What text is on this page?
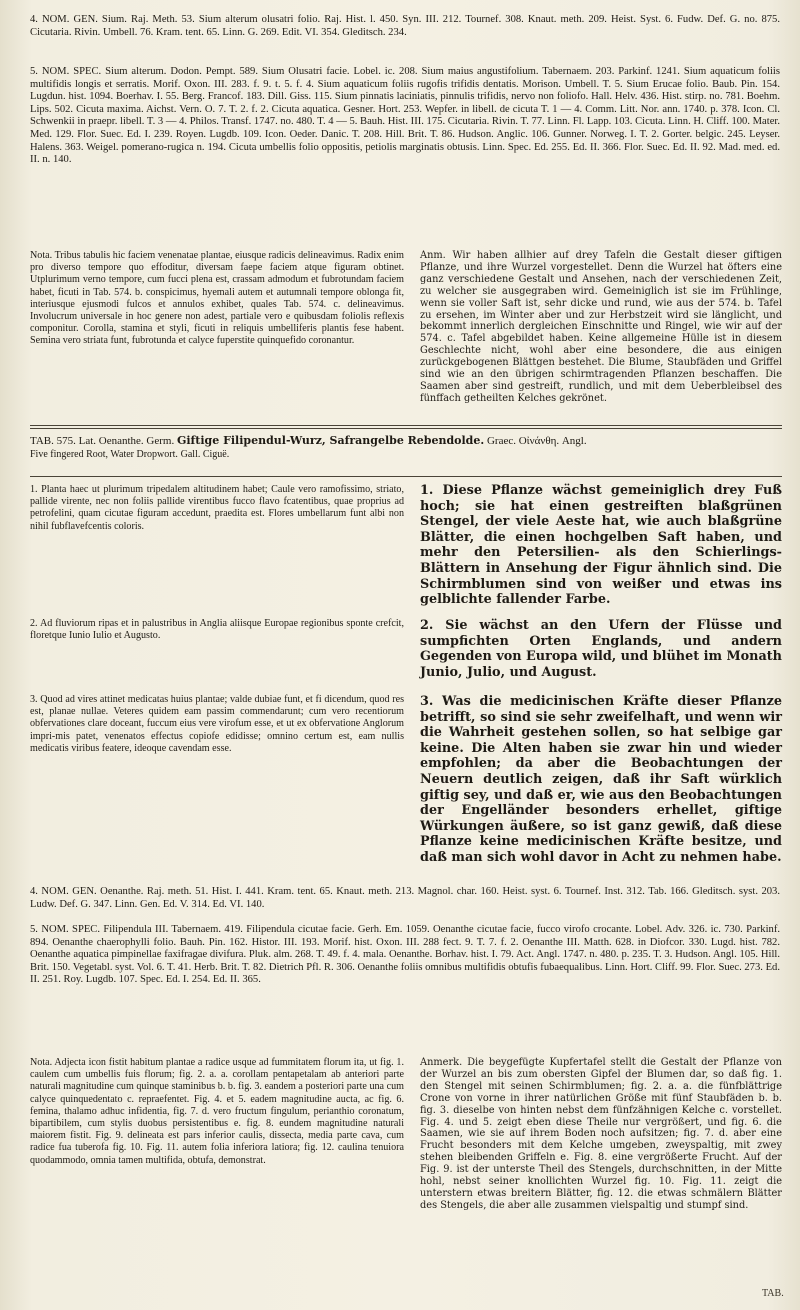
4. NOM. GEN. Sium. Raj. Meth. 53. Sium alterum olusatri folio. Raj. Hist. l. 450. Syn. III. 212. Tournef. 308. Knaut. meth. 209. Heist. Syst. 6. Fudw. Def. G. no. 875. Cicutaria. Rivin. Umbell. 76. Kram. tent. 65. Linn. G. 269. Edit. VI. 354. Gleditsch. 234.

5. NOM. SPEC. Sium alterum. Dodon. Pempt. 589. Sium Olusatri facie. Lobel. ic. 208. Sium maius angustifolium. Tabernaem. 203. Parkinf. 1241. Sium aquaticum foliis multifidis longis et serratis. Morif. Oxon. III. 283. f. 9. t. 5. f. 4. Sium aquaticum foliis rugofis trifidis dentatis. Morison. Umbell. T. 5. Sium Erucae folio. Baub. Pin. 154. Lugdun. hist. 1094. Boerhav. I. 55. Berg. Francof. 183. Dill. Giss. 115. Sium pinnatis laciniatis, pinnulis trifidis, nervo non foliofo. Hall. Helv. 436. Hist. stirp. no. 781. Boehm. Lips. 502. Cicuta maxima. Aichst. Vern. O. 7. T. 2. f. 2. Cicuta aquatica. Gesner. Hort. 253. Wepfer. in libell. de cicuta T. 1 — 4. Comm. Litt. Nor. ann. 1740. p. 378. Icon. Cl. Schwenkii in praepr. libell. T. 3 — 4. Philos. Transf. 1747. no. 480. T. 4 — 5. Bauh. Hist. III. 175. Cicutaria. Rivin. T. 77. Linn. Fl. Lapp. 103. Cicuta. Linn. H. Cliff. 100. Mater. Med. 129. Flor. Suec. Ed. I. 239. Royen. Lugdb. 109. Icon. Oeder. Danic. T. 208. Hill. Brit. T. 86. Hudson. Anglic. 106. Gunner. Norweg. I. T. 2. Gorter. belgic. 245. Leyser. Halens. 363. Weigel. pomerano-rugica n. 194. Cicuta umbellis folio oppositis, petiolis marginatis obtusis. Linn. Spec. Ed. 255. Ed. II. 366. Flor. Suec. Ed. II. 92. Mad. med. ed. II. n. 140.

Nota. Tribus tabulis hic faciem venenatae plantae, eiusque radicis delineavimus. Radix enim pro diverso tempore quo effoditur, diversam faepe faciem atque figuram obtinet. Utplurimum verno tempore, cum fucci plena est, crassam admodum et fubrotundam faciem habet, ficuti in Tab. 574. b. conspicimus, hyemali autem et autumnali tempore oblonga fit, interiusque ejusmodi fulcos et annulos exhibet, quales Tab. 574. c. delineavimus. Involucrum universale in hoc genere non adest, partiale vero e quibusdam foliolis reflexis componitur. Corolla, stamina et styli, ficuti in reliquis umbelliferis plantis fese habent. Semina vero striata funt, fubrotunda et calyce fuperstite quinquefido coronantur.

Anm. Wir haben allhier auf drey Tafeln die Gestalt dieser giftigen Pflanze, und ihre Wurzel vorgestellet. Denn die Wurzel hat öfters eine ganz verschiedene Gestalt und Ansehen, nach der verschiedenen Zeit, zu welcher sie ausgegraben wird. Gemeiniglich ist sie im Frühlinge, wenn sie voller Saft ist, sehr dicke und rund, wie aus der 574. b. Tafel zu ersehen, im Winter aber und zur Herbstzeit wird sie länglicht, und bekommt innerlich dergleichen Einschnitte und Ringel, wie wir auf der 574. c. Tafel abgebildet haben. Keine allgemeine Hülle ist in diesem Geschlechte nicht, wohl aber eine besondere, die aus einigen zurückgebogenen Blättgen bestehet. Die Blume, Staubfäden und Griffel sind wie an den übrigen schirmtragenden Pflanzen beschaffen. Die Saamen aber sind gestreift, rundlich, und mit dem Ueberbleibsel des fünffach getheilten Kelches gekrönet.

TAB. 575. Lat. Oenanthe. Germ. Giftige Filipendul-Wurz, Safrangelbe Rebendolde. Graec. Οἰνάνθη. Angl.
Five fingered Root, Water Dropwort. Gall. Ciguë.

1. Planta haec ut plurimum tripedalem altitudinem habet; Caule vero ramofissimo, striato, pallide virente, nec non foliis pallide virentibus fucco flavo fcatentibus, quae proprius ad petrofelini, quam cicutae figuram accedunt, praedita est. Flores umbellarum funt albi non nihil fubflavefcentis coloris.

1. Diese Pflanze wächst gemeiniglich drey Fuß hoch; sie hat einen gestreiften blaßgrünen Stengel, der viele Aeste hat, wie auch blaßgrüne Blätter, die einen hochgelben Saft haben, und mehr den Petersilien- als den Schierlings-Blättern in Ansehung der Figur ähnlich sind. Die Schirmblumen sind von weißer und etwas ins gelblichte fallender Farbe.

2. Ad fluviorum ripas et in palustribus in Anglia aliisque Europae regionibus sponte crefcit, floretque Iunio Iulio et Augusto.

2. Sie wächst an den Ufern der Flüsse und sumpfichten Orten Englands, und andern Gegenden von Europa wild, und blühet im Monath Junio, Julio, und August.

3. Quod ad vires attinet medicatas huius plantae; valde dubiae funt, et fi dicendum, quod res est, planae nullae. Veteres quidem eam passim commendarunt; cum vero recentiorum obfervationes clare doceant, fuccum eius vere virofum esse, et ut ex obfervatione Anglorum impri-mis patet, venenatos effectus copiofe edidisse; omnino certum est, eam nullis medicatis viribus featere, ideoque cavendam esse.

3. Was die medicinischen Kräfte dieser Pflanze betrifft, so sind sie sehr zweifelhaft, und wenn wir die Wahrheit gestehen sollen, so hat selbige gar keine. Die Alten haben sie zwar hin und wieder empfohlen; da aber die Beobachtungen der Neuern deutlich zeigen, daß ihr Saft würklich giftig sey, und daß er, wie aus den Beobachtungen der Engelländer besonders erhellet, giftige Würkungen äußere, so ist ganz gewiß, daß diese Pflanze keine medicinischen Kräfte besitze, und daß man sich wohl davor in Acht zu nehmen habe.

4. NOM. GEN. Oenanthe. Raj. meth. 51. Hist. I. 441. Kram. tent. 65. Knaut. meth. 213. Magnol. char. 160. Heist. syst. 6. Tournef. Inst. 312. Tab. 166. Gleditsch. syst. 203. Ludw. Def. G. 347. Linn. Gen. Ed. V. 314. Ed. VI. 140.

5. NOM. SPEC. Filipendula III. Tabernaem. 419. Filipendula cicutae facie. Gerh. Em. 1059. Oenanthe cicutae facie, fucco virofo crocante. Lobel. Adv. 326. ic. 730. Parkinf. 894. Oenanthe chaerophylli folio. Bauh. Pin. 162. Histor. III. 193. Morif. hist. Oxon. III. 288 fect. 9. T. 7. f. 2. Oenanthe III. Matth. 628. in Diofcor. 330. Lugd. hist. 782. Oenanthe aquatica pimpinellae faxifragae divifura. Pluk. alm. 268. T. 49. f. 4. mala. Oenanthe. Borhav. hist. I. 79. Act. Angl. 1747. n. 480. p. 235. T. 3. Hudson. Angl. 105. Hill. Brit. 150. Vegetabl. syst. Vol. 6. T. 41. Herb. Brit. T. 82. Dietrich Pfl. R. 306. Oenanthe foliis omnibus multifidis obtufis fubaequalibus. Linn. Hort. Cliff. 99. Flor. Suec. 273. Ed. II. 251. Roy. Lugdb. 107. Spec. Ed. I. 254. Ed. II. 365.

Nota. Adjecta icon fistit habitum plantae a radice usque ad fummitatem florum ita, ut fig. 1. caulem cum umbellis fuis florum; fig. 2. a. a. corollam pentapetalam ab anteriori parte naturali magnitudine cum quinque staminibus b. b. fig. 3. eandem a posteriori parte una cum calyce quinquedentato c. repraefentet. Fig. 4. et 5. eadem magnitudine aucta, ac fig. 6. femina, thalamo adhuc infidentia, fig. 7. d. vero fructum fingulum, perianthio coronatum, bipartibilem, cum stylis duobus persistentibus e. fig. 8. eundem magnitudine naturali maiorem fistit. Fig. 9. delineata est pars inferior caulis, dissecta, media parte cava, cum radice fua tuberofa fig. 10. Fig. 11. autem folia inferiora latiora; fig. 12. caulina tenuiora quodammodo, omnia tamen multifida, obtufa, demonstrat.

Anmerk. Die beygefügte Kupfertafel stellt die Gestalt der Pflanze von der Wurzel an bis zum obersten Gipfel der Blumen dar, so daß fig. 1. den Stengel mit seinen Schirmblumen; fig. 2. a. a. die fünfblättrige Crone von vorne in ihrer natürlichen Größe mit fünf Staubfäden b. b. fig. 3. dieselbe von hinten nebst dem fünfzähnigen Kelche c. vorstellet. Fig. 4. und 5. zeigt eben diese Theile nur vergrößert, und fig. 6. die Saamen, wie sie auf ihrem Boden noch aufsitzen; fig. 7. d. aber eine Frucht besonders mit dem Kelche umgeben, zweyspaltig, mit zwey stehen bleibenden Griffeln e. Fig. 8. eine vergrößerte Frucht. Auf der Fig. 9. ist der unterste Theil des Stengels, durchschnitten, in der Mitte hohl, nebst seiner knollichten Wurzel fig. 10. Fig. 11. zeigt die unterstern etwas breitern Blätter, fig. 12. die etwas schmälern Blätter des Stengels, die aber alle zusammen vielspaltig und stumpf sind.

TAB.
